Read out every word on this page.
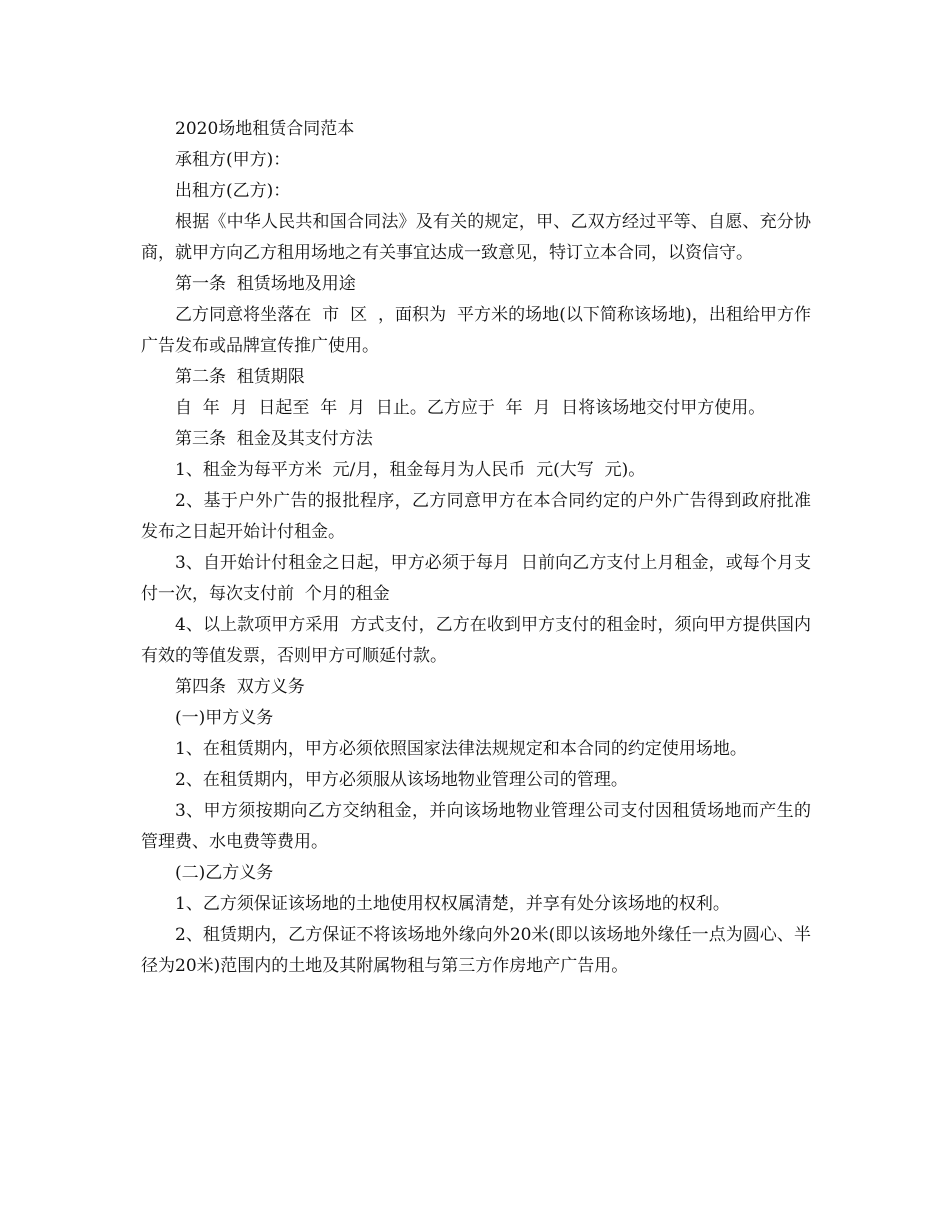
2020场地租赁合同范本

承租方(甲方)：

出租方(乙方)：

根据《中华人民共和国合同法》及有关的规定，甲、乙双方经过平等、自愿、充分协商，就甲方向乙方租用场地之有关事宜达成一致意见，特订立本合同，以资信守。

第一条  租赁场地及用途

乙方同意将坐落在  市  区  ，面积为  平方米的场地(以下简称该场地)，出租给甲方作广告发布或品牌宣传推广使用。

第二条  租赁期限

自  年  月  日起至  年  月  日止。乙方应于  年  月  日将该场地交付甲方使用。

第三条  租金及其支付方法

1、租金为每平方米  元/月，租金每月为人民币  元(大写  元)。

2、基于户外广告的报批程序，乙方同意甲方在本合同约定的户外广告得到政府批准发布之日起开始计付租金。

3、自开始计付租金之日起，甲方必须于每月  日前向乙方支付上月租金，或每个月支付一次，每次支付前  个月的租金

4、以上款项甲方采用  方式支付，乙方在收到甲方支付的租金时，须向甲方提供国内有效的等值发票，否则甲方可顺延付款。

第四条  双方义务

(一)甲方义务

1、在租赁期内，甲方必须依照国家法律法规规定和本合同的约定使用场地。

2、在租赁期内，甲方必须服从该场地物业管理公司的管理。

3、甲方须按期向乙方交纳租金，并向该场地物业管理公司支付因租赁场地而产生的管理费、水电费等费用。

(二)乙方义务

1、乙方须保证该场地的土地使用权权属清楚，并享有处分该场地的权利。

2、租赁期内，乙方保证不将该场地外缘向外20米(即以该场地外缘任一点为圆心、半径为20米)范围内的土地及其附属物租与第三方作房地产广告用。
